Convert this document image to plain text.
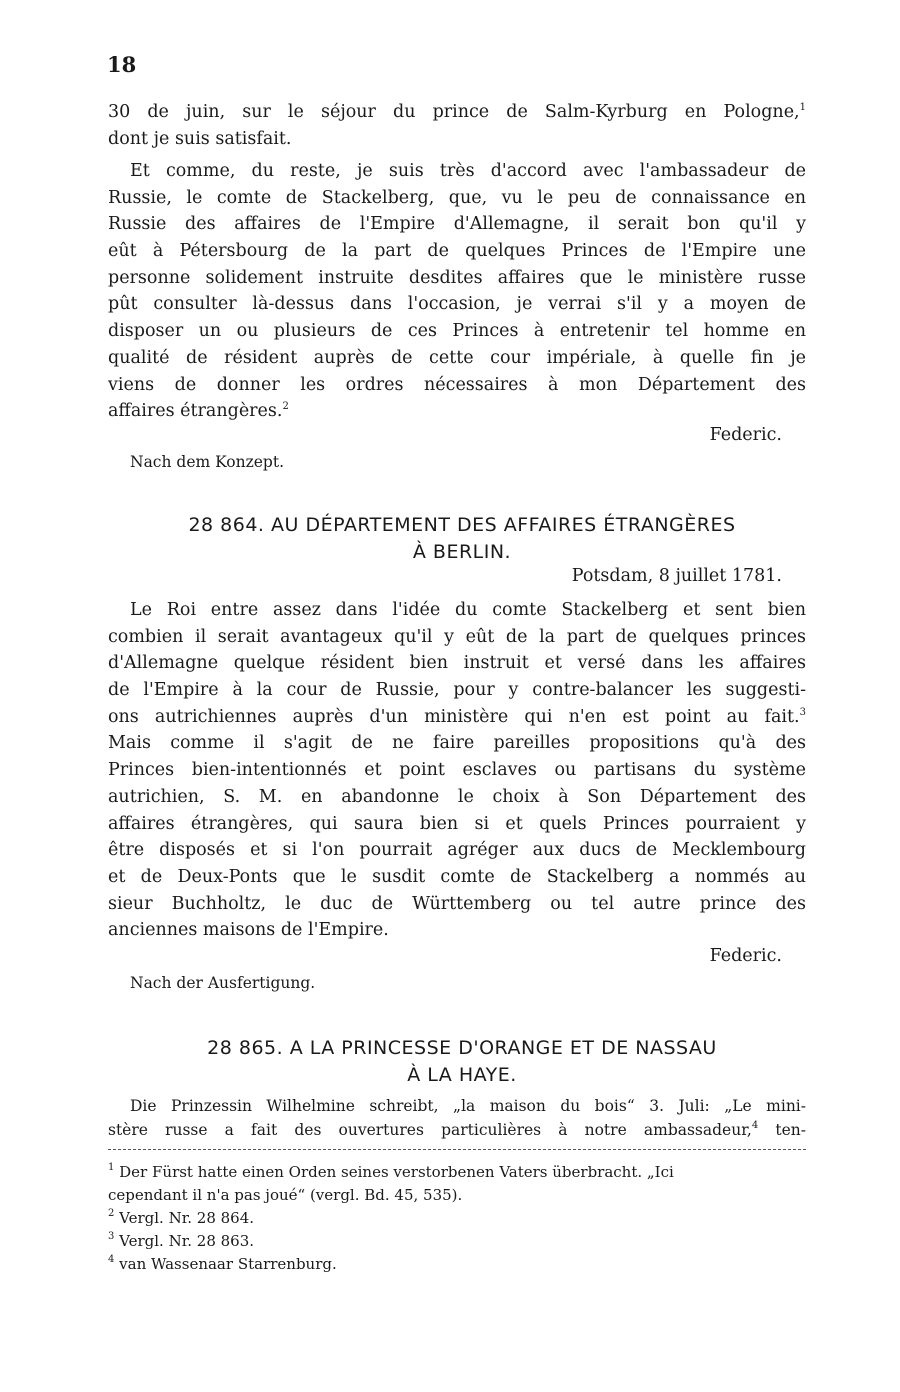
18
30 de juin, sur le séjour du prince de Salm-Kyrburg en Pologne,$^1$
dont je suis satisfait.
Et comme, du reste, je suis très d'accord avec l'ambassadeur de
Russie, le comte de Stackelberg, que, vu le peu de connaissance en
Russie des affaires de l'Empire d'Allemagne, il serait bon qu'il y
eût à Pétersbourg de la part de quelques Princes de l'Empire une
personne solidement instruite desdites affaires que le ministère russe
pût consulter là-dessus dans l'occasion, je verrai s'il y a moyen de
disposer un ou plusieurs de ces Princes à entretenir tel homme en
qualité de résident auprès de cette cour impériale, à quelle fin je
viens de donner les ordres nécessaires à mon Département des
affaires étrangères.$^2$
Federic.
Nach dem Konzept.
28 864. AU DÉPARTEMENT DES AFFAIRES ÉTRANGÈRES
À BERLIN.
Potsdam, 8 juillet 1781.
Le Roi entre assez dans l'idée du comte Stackelberg et sent bien
combien il serait avantageux qu'il y eût de la part de quelques princes
d'Allemagne quelque résident bien instruit et versé dans les affaires
de l'Empire à la cour de Russie, pour y contre-balancer les suggesti-
ons autrichiennes auprès d'un ministère qui n'en est point au fait.$^3$
Mais comme il s'agit de ne faire pareilles propositions qu'à des
Princes bien-intentionnés et point esclaves ou partisans du système
autrichien, S. M. en abandonne le choix à Son Département des
affaires étrangères, qui saura bien si et quels Princes pourraient y
être disposés et si l'on pourrait agréger aux ducs de Mecklembourg
et de Deux-Ponts que le susdit comte de Stackelberg a nommés au
sieur Buchholtz, le duc de Württemberg ou tel autre prince des
anciennes maisons de l'Empire.
Federic.
Nach der Ausfertigung.
28 865. A LA PRINCESSE D'ORANGE ET DE NASSAU
À LA HAYE.
Die Prinzessin Wilhelmine schreibt, „la maison du bois“ 3. Juli: „Le mini-
stère russe a fait des ouvertures particulières à notre ambassadeur,$^4$ ten-
$^1$ Der Fürst hatte einen Orden seines verstorbenen Vaters überbracht. „Ici
cependant il n'a pas joué“ (vergl. Bd. 45, 535).
$^2$ Vergl. Nr. 28 864.
$^3$ Vergl. Nr. 28 863.
$^4$ van Wassenaar Starrenburg.
